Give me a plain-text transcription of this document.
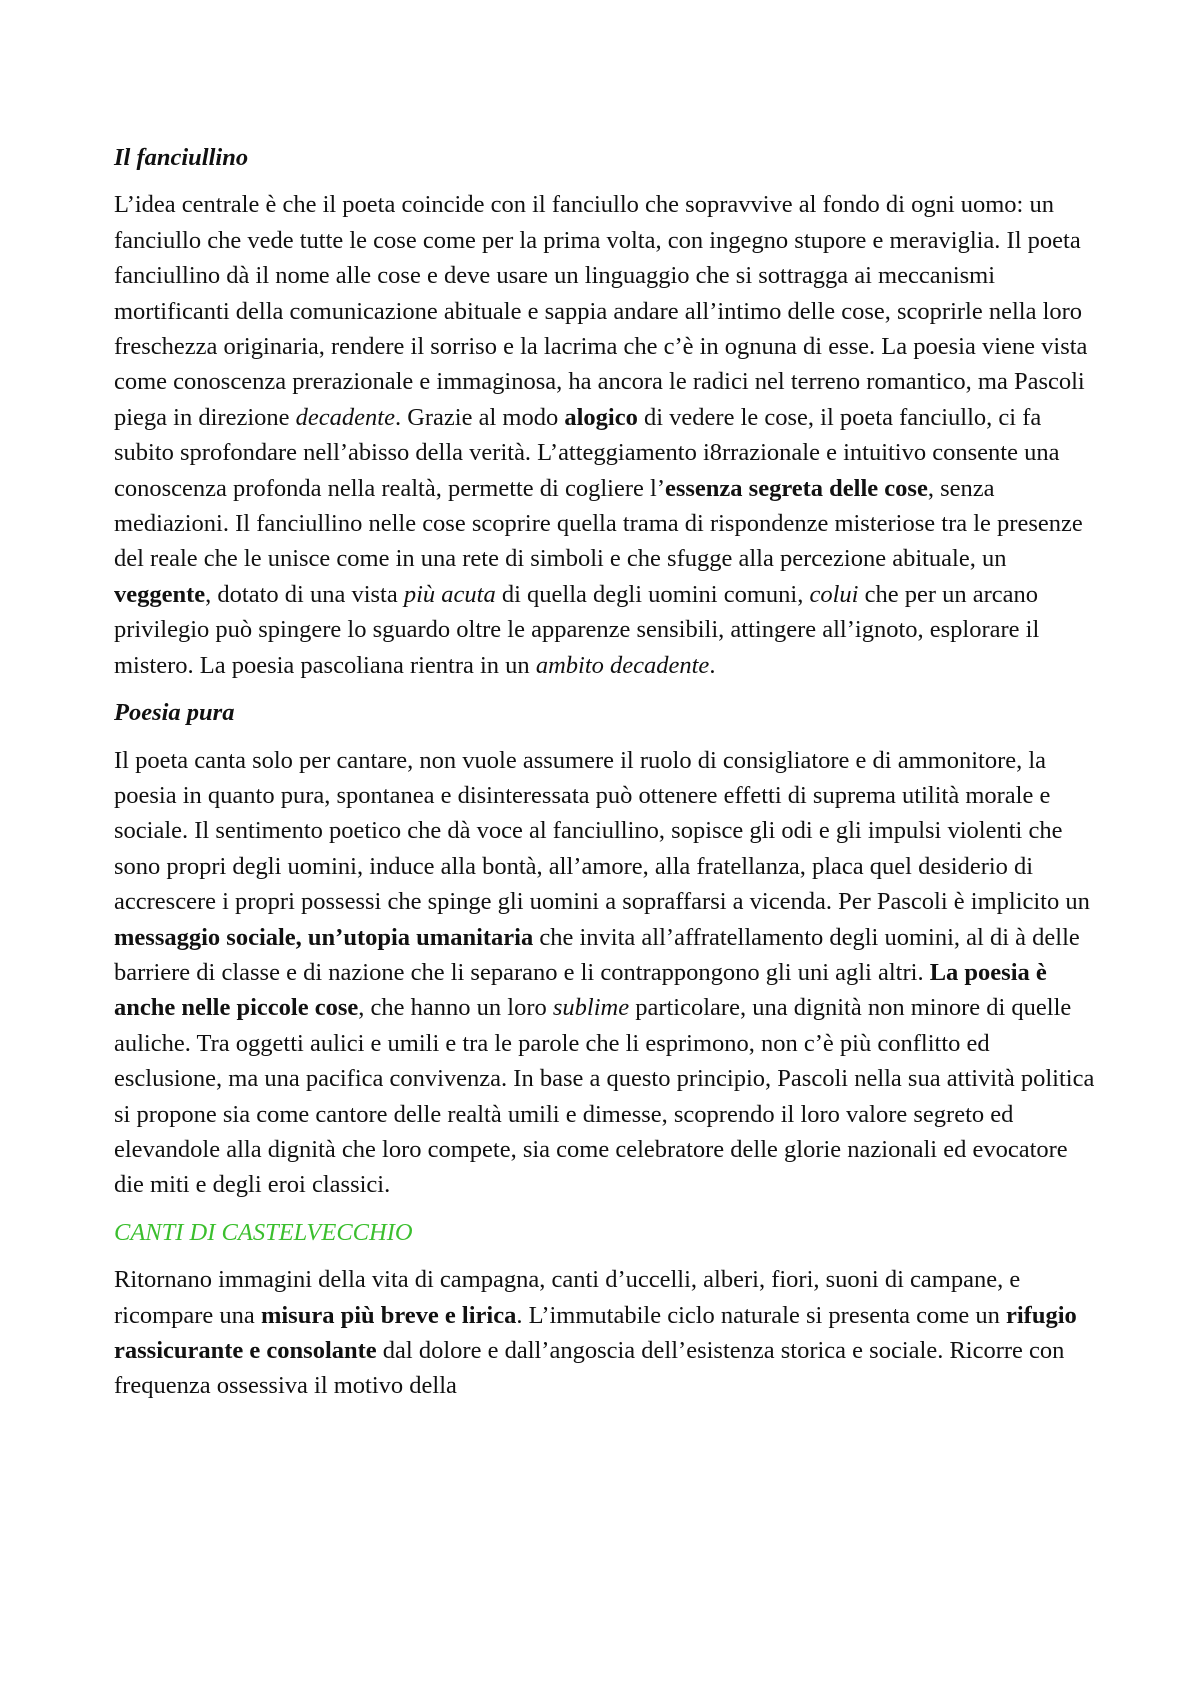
Il fanciullino

L’idea centrale è che il poeta coincide con il fanciullo che sopravvive al fondo di ogni uomo: un fanciullo che vede tutte le cose come per la prima volta, con ingegno stupore e meraviglia. Il poeta fanciullino dà il nome alle cose e deve usare un linguaggio che si sottragga ai meccanismi mortificanti della comunicazione abituale e sappia andare all’intimo delle cose, scoprirle nella loro freschezza originaria, rendere il sorriso e la lacrima che c’è in ognuna di esse. La poesia viene vista come conoscenza prerazionale e immaginosa, ha ancora le radici nel terreno romantico, ma Pascoli piega in direzione decadente. Grazie al modo alogico di vedere le cose, il poeta fanciullo, ci fa subito sprofondare nell’abisso della verità. L’atteggiamento i8rrazionale e intuitivo consente una conoscenza profonda nella realtà, permette di cogliere l’essenza segreta delle cose, senza mediazioni. Il fanciullino nelle cose scoprire quella trama di rispondenze misteriose tra le presenze del reale che le unisce come in una rete di simboli e che sfugge alla percezione abituale, un veggente, dotato di una vista più acuta di quella degli uomini comuni, colui che per un arcano privilegio può spingere lo sguardo oltre le apparenze sensibili, attingere all’ignoto, esplorare il mistero. La poesia pascoliana rientra in un ambito decadente.

Poesia pura

Il poeta canta solo per cantare, non vuole assumere il ruolo di consigliatore e di ammonitore, la poesia in quanto pura, spontanea e disinteressata può ottenere effetti di suprema utilità morale e sociale. Il sentimento poetico che dà voce al fanciullino, sopisce gli odi e gli impulsi violenti che sono propri degli uomini, induce alla bontà, all’amore, alla fratellanza, placa quel desiderio di accrescere i propri possessi che spinge gli uomini a sopraffarsi a vicenda. Per Pascoli è implicito un messaggio sociale, un’utopia umanitaria che invita all’affratellamento degli uomini, al di à delle barriere di classe e di nazione che li separano e li contrappongono gli uni agli altri. La poesia è anche nelle piccole cose, che hanno un loro sublime particolare, una dignità non minore di quelle auliche. Tra oggetti aulici e umili e tra le parole che li esprimono, non c’è più conflitto ed esclusione, ma una pacifica convivenza. In base a questo principio, Pascoli nella sua attività politica si propone sia come cantore delle realtà umili e dimesse, scoprendo il loro valore segreto ed elevandole alla dignità che loro compete, sia come celebratore delle glorie nazionali ed evocatore die miti e degli eroi classici.

CANTI DI CASTELVECCHIO

Ritornano immagini della vita di campagna, canti d’uccelli, alberi, fiori, suoni di campane, e ricompare una misura più breve e lirica. L’immutabile ciclo naturale si presenta come un rifugio rassicurante e consolante dal dolore e dall’angoscia dell’esistenza storica e sociale. Ricorre con frequenza ossessiva il motivo della
